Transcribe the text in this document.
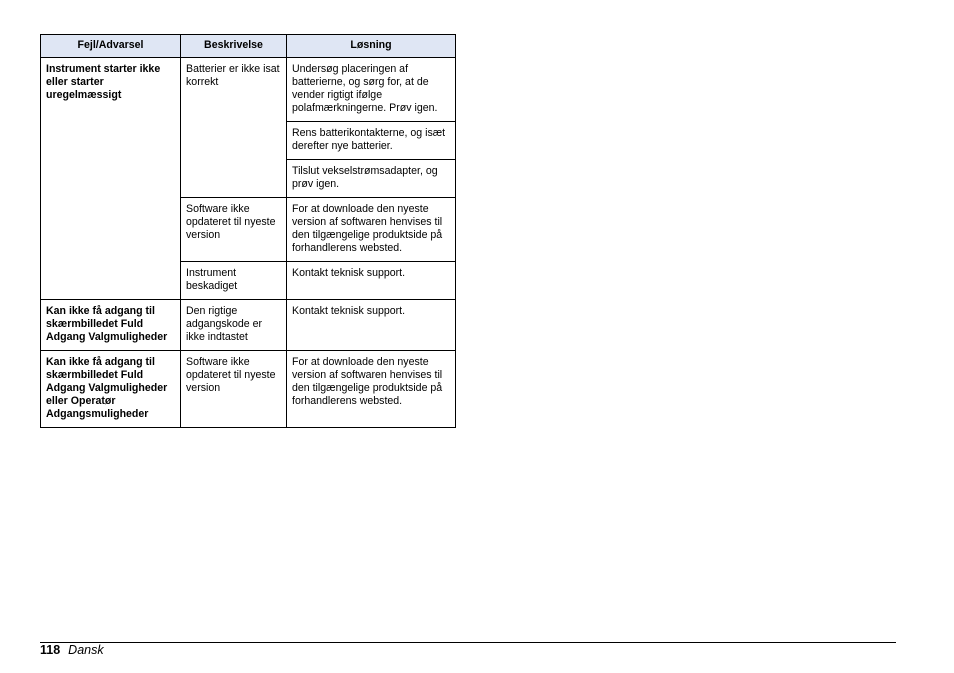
Fejl/Advarsel	Beskrivelse	Løsning
Instrument starter ikke eller starter uregelmæssigt	Batterier er ikke isat korrekt	Undersøg placeringen af batterierne, og sørg for, at de vender rigtigt ifølge polafmærkningerne. Prøv igen.
		Rens batterikontakterne, og isæt derefter nye batterier.
		Tilslut vekselstrømsadapter, og prøv igen.
	Software ikke opdateret til nyeste version	For at downloade den nyeste version af softwaren henvises til den tilgængelige produktside på forhandlerens websted.
	Instrument beskadiget	Kontakt teknisk support.
Kan ikke få adgang til skærmbilledet Fuld Adgang Valgmuligheder	Den rigtige adgangskode er ikke indtastet	Kontakt teknisk support.
Kan ikke få adgang til skærmbilledet Fuld Adgang Valgmuligheder eller Operatør Adgangsmuligheder	Software ikke opdateret til nyeste version	For at downloade den nyeste version af softwaren henvises til den tilgængelige produktside på forhandlerens websted.
118 Dansk
